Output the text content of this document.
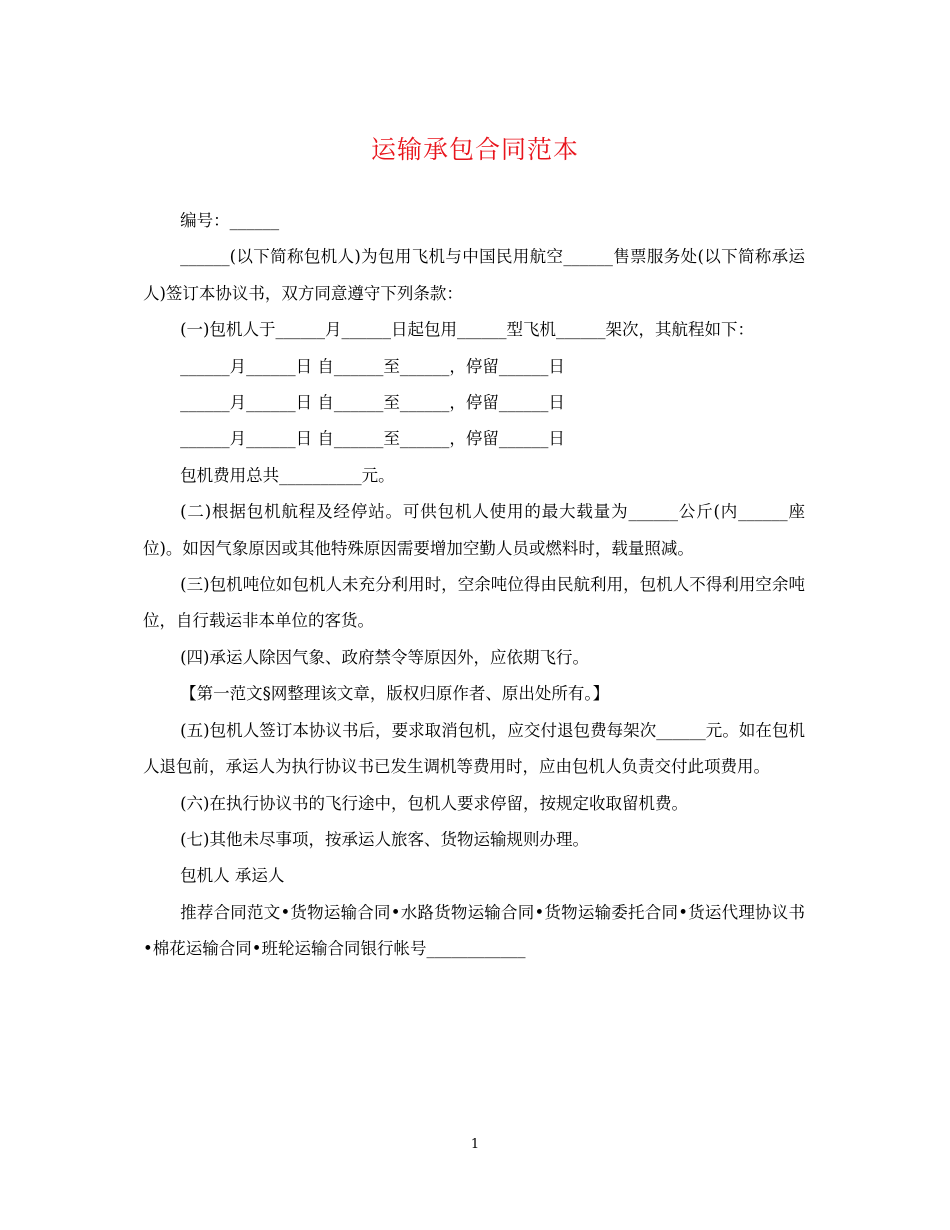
运输承包合同范本

编号：______

______(以下简称包机人)为包用飞机与中国民用航空______售票服务处(以下简称承运人)签订本协议书，双方同意遵守下列条款：

(一)包机人于______月______日起包用______型飞机______架次，其航程如下：

______月______日 自______至______，停留______日

______月______日 自______至______，停留______日

______月______日 自______至______，停留______日

包机费用总共__________元。

(二)根据包机航程及经停站。可供包机人使用的最大载量为______公斤(内______座位)。如因气象原因或其他特殊原因需要增加空勤人员或燃料时，载量照减。

(三)包机吨位如包机人未充分利用时，空余吨位得由民航利用，包机人不得利用空余吨位，自行载运非本单位的客货。

(四)承运人除因气象、政府禁令等原因外，应依期飞行。

【第一范文§网整理该文章，版权归原作者、原出处所有。】

(五)包机人签订本协议书后，要求取消包机，应交付退包费每架次______元。如在包机人退包前，承运人为执行协议书已发生调机等费用时，应由包机人负责交付此项费用。

(六)在执行协议书的飞行途中，包机人要求停留，按规定收取留机费。

(七)其他未尽事项，按承运人旅客、货物运输规则办理。

包机人 承运人

推荐合同范文•货物运输合同•水路货物运输合同•货物运输委托合同•货运代理协议书•棉花运输合同•班轮运输合同银行帐号____________

1
